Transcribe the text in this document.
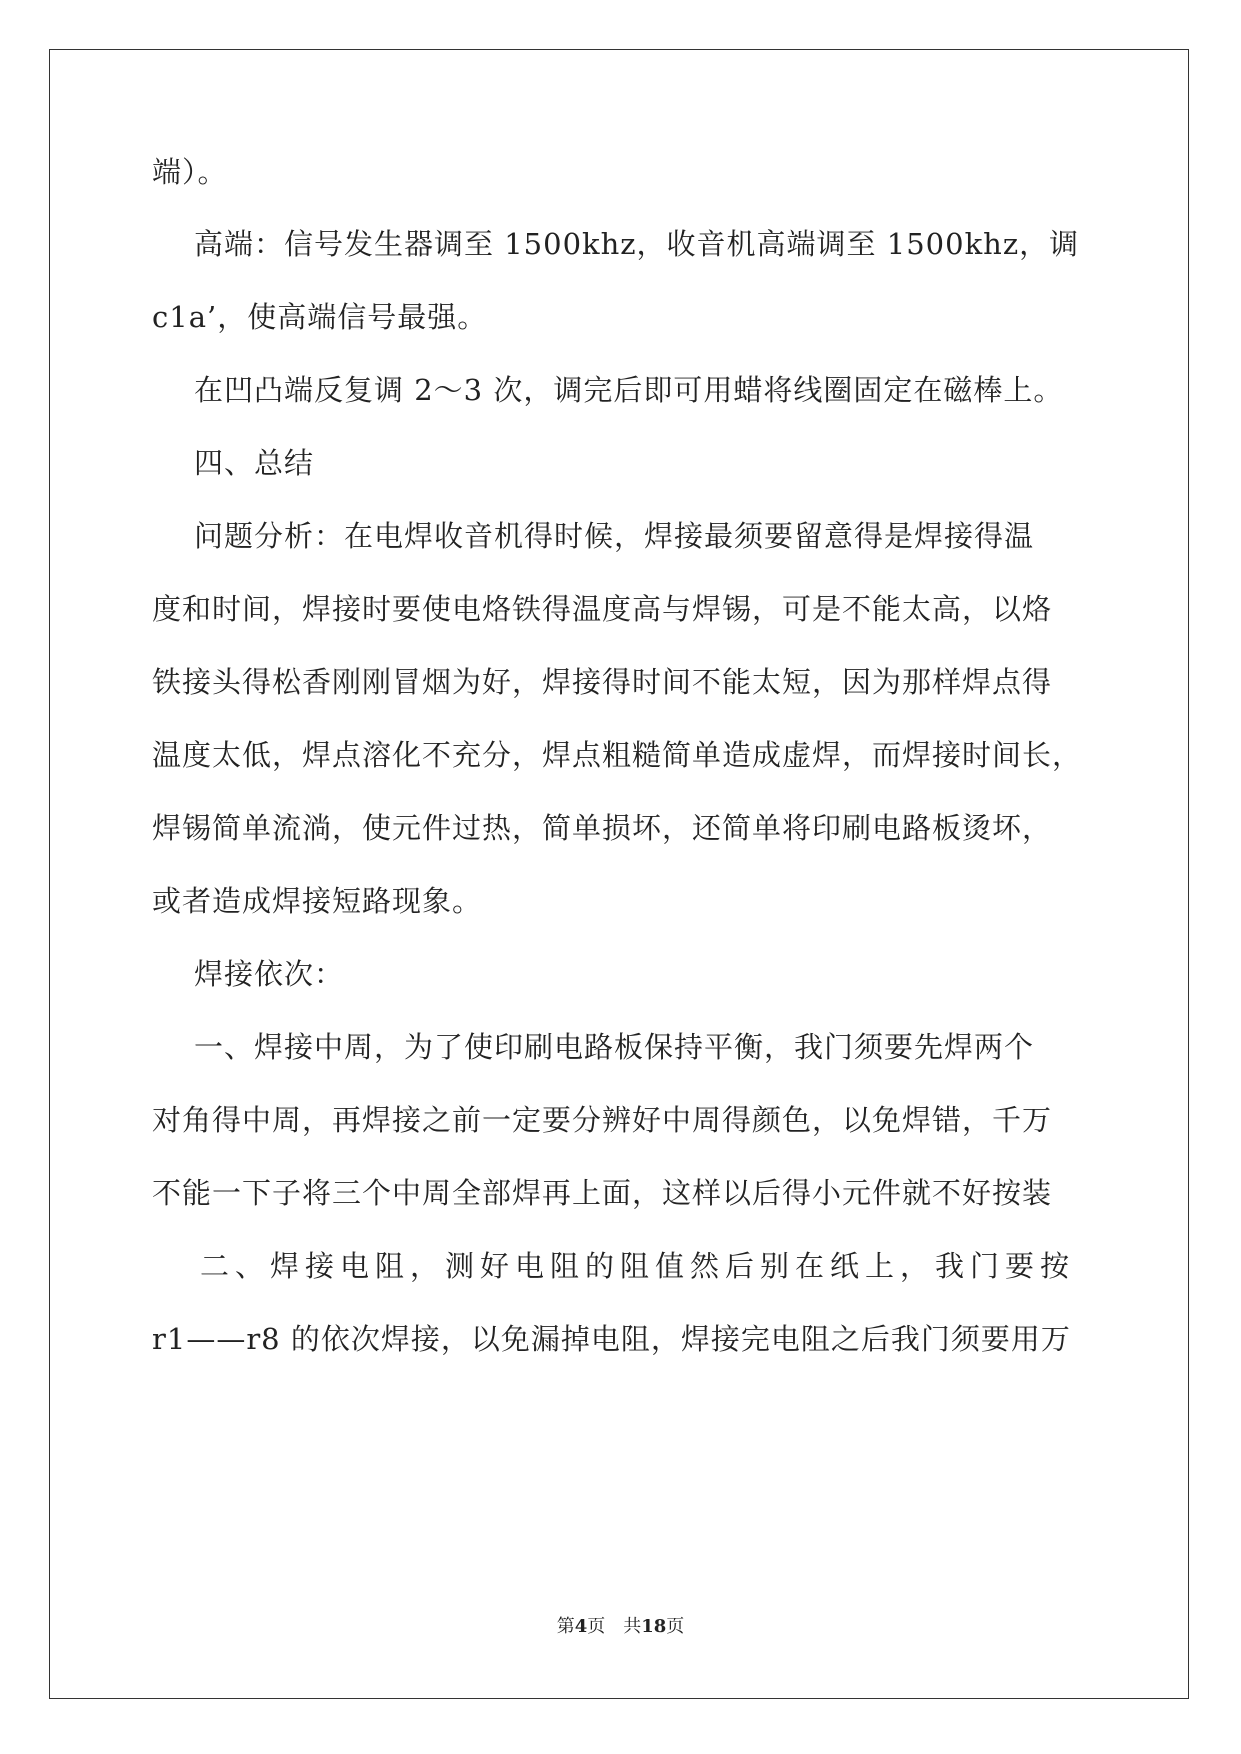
端）。

高端：信号发生器调至 1500khz，收音机高端调至 1500khz，调

c1a’，使高端信号最强。

在凹凸端反复调 2～3 次，调完后即可用蜡将线圈固定在磁棒上。

四、总结

问题分析：在电焊收音机得时候，焊接最须要留意得是焊接得温

度和时间，焊接时要使电烙铁得温度高与焊锡，可是不能太高，以烙

铁接头得松香刚刚冒烟为好，焊接得时间不能太短，因为那样焊点得

温度太低，焊点溶化不充分，焊点粗糙简单造成虚焊，而焊接时间长，

焊锡简单流淌，使元件过热，简单损坏，还简单将印刷电路板烫坏，

或者造成焊接短路现象。

焊接依次：

一、焊接中周，为了使印刷电路板保持平衡，我门须要先焊两个

对角得中周，再焊接之前一定要分辨好中周得颜色，以免焊错，千万

不能一下子将三个中周全部焊再上面，这样以后得小元件就不好按装

二、焊接电阻，测好电阻的阻值然后别在纸上，我门要按

r1——r8 的依次焊接，以免漏掉电阻，焊接完电阻之后我门须要用万

第4页 共18页
